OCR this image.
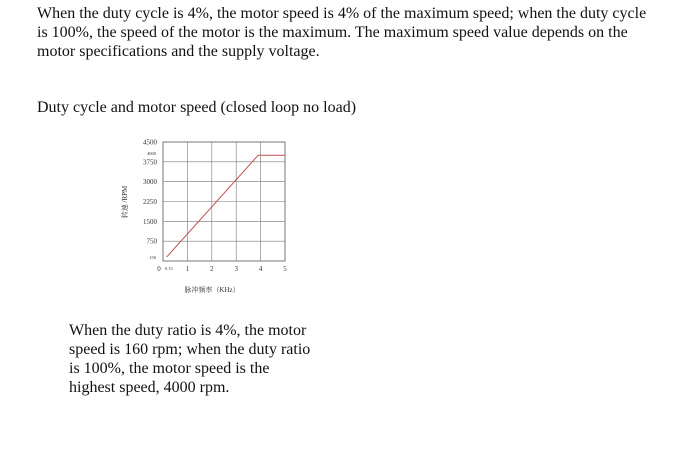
When the duty cycle is 4%, the motor speed is 4% of the maximum speed; when the duty cycle is 100%, the speed of the motor is the maximum. The maximum speed value depends on the motor specifications and the supply voltage.

Duty cycle and motor speed (closed loop no load)

0	1	2	3	4	5
0.15
750
1500
2250
3000
3750
4500
150
4000
脉冲频率（KHz）
转速 /RPM

When the duty ratio is 4%, the motor speed is 160 rpm; when the duty ratio is 100%, the motor speed is the highest speed, 4000 rpm.
